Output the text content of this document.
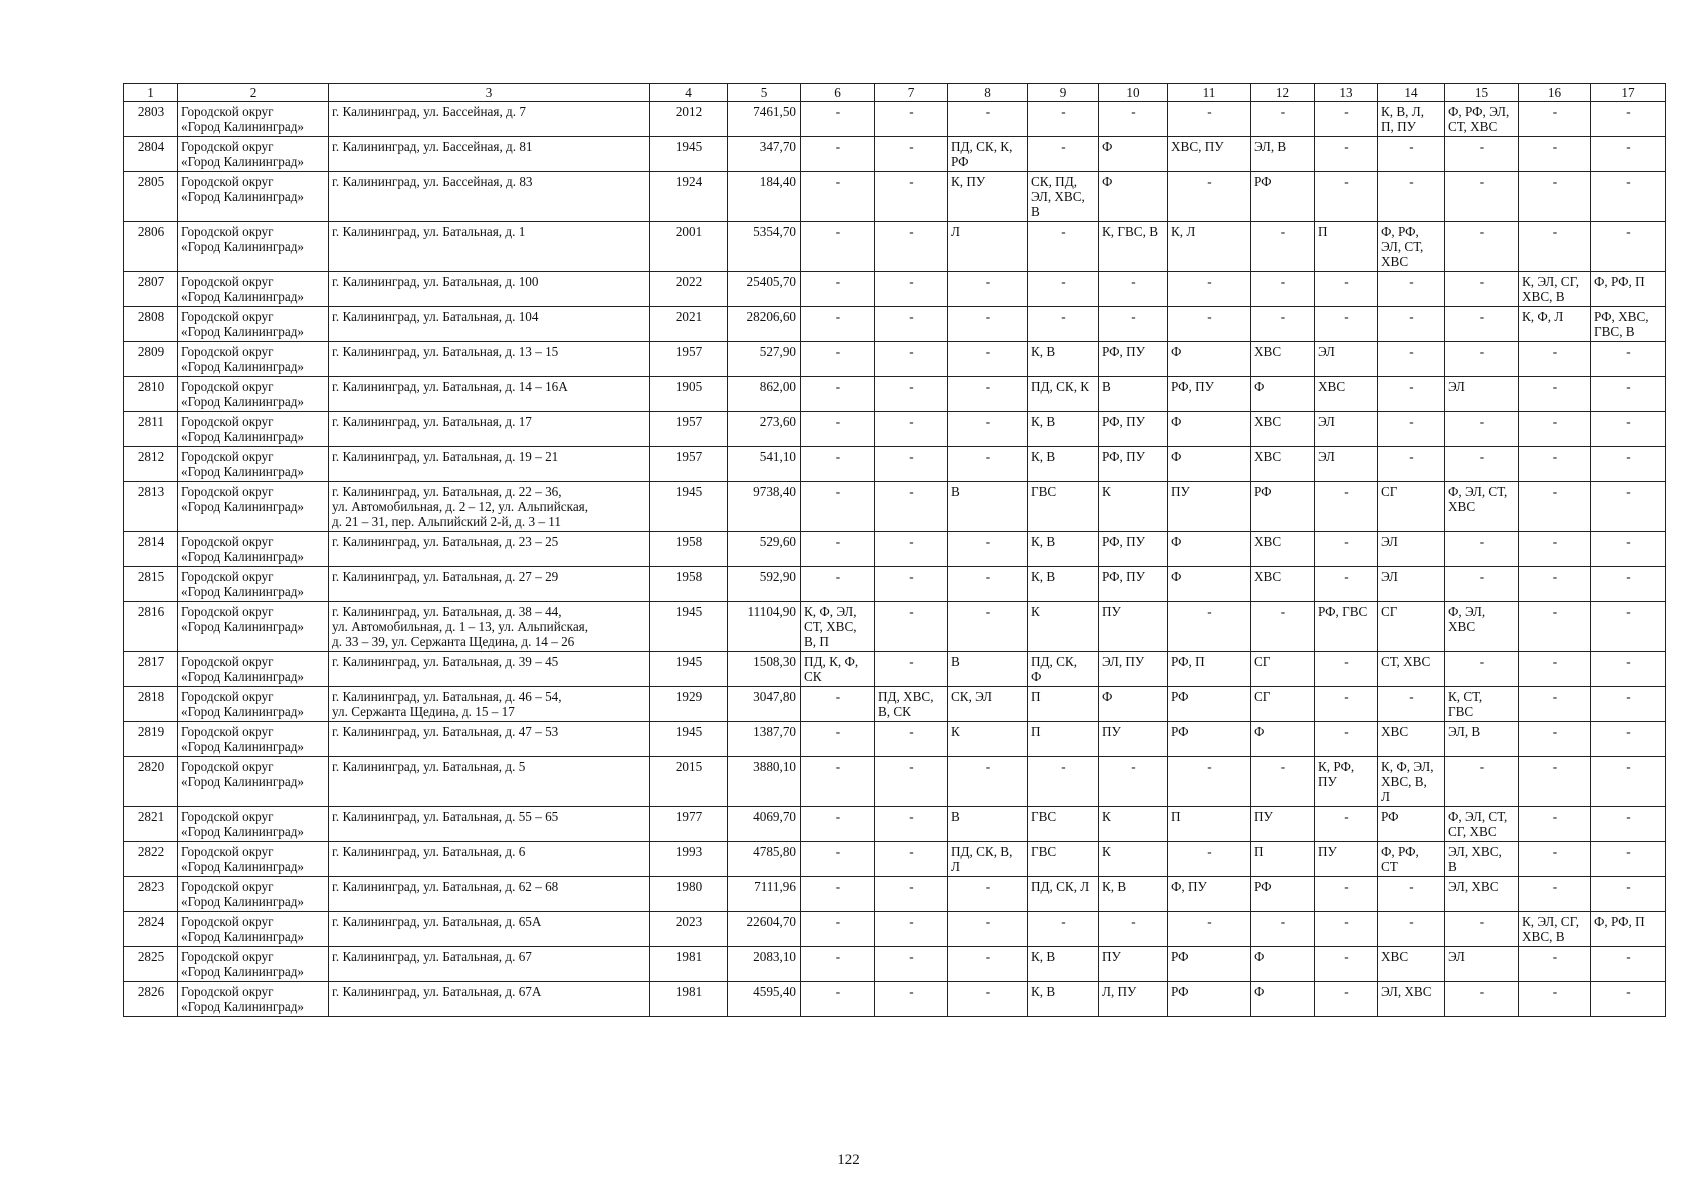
1	2	3	4	5	6	7	8	9	10	11	12	13	14	15	16	17
2803	Городской округ
«Город Калининград»	г. Калининград, ул. Бассейная, д. 7	2012	7461,50	-	-	-	-	-	-	-	-	К, В, Л,
П, ПУ	Ф, РФ, ЭЛ,
СТ, ХВС	-	-
2804	Городской округ
«Город Калининград»	г. Калининград, ул. Бассейная, д. 81	1945	347,70	-	-	ПД, СК, К,
РФ	-	Ф	ХВС, ПУ	ЭЛ, В	-	-	-	-	-
2805	Городской округ
«Город Калининград»	г. Калининград, ул. Бассейная, д. 83	1924	184,40	-	-	К, ПУ	СК, ПД,
ЭЛ, ХВС,
В	Ф	-	РФ	-	-	-	-	-
2806	Городской округ
«Город Калининград»	г. Калининград, ул. Батальная, д. 1	2001	5354,70	-	-	Л	-	К, ГВС, В	К, Л	-	П	Ф, РФ,
ЭЛ, СТ,
ХВС	-	-	-
2807	Городской округ
«Город Калининград»	г. Калининград, ул. Батальная, д. 100	2022	25405,70	-	-	-	-	-	-	-	-	-	-	К, ЭЛ, СГ,
ХВС, В	Ф, РФ, П
2808	Городской округ
«Город Калининград»	г. Калининград, ул. Батальная, д. 104	2021	28206,60	-	-	-	-	-	-	-	-	-	-	К, Ф, Л	РФ, ХВС,
ГВС, В
2809	Городской округ
«Город Калининград»	г. Калининград, ул. Батальная, д. 13 – 15	1957	527,90	-	-	-	К, В	РФ, ПУ	Ф	ХВС	ЭЛ	-	-	-	-
2810	Городской округ
«Город Калининград»	г. Калининград, ул. Батальная, д. 14 – 16А	1905	862,00	-	-	-	ПД, СК, К	В	РФ, ПУ	Ф	ХВС	-	ЭЛ	-	-
2811	Городской округ
«Город Калининград»	г. Калининград, ул. Батальная, д. 17	1957	273,60	-	-	-	К, В	РФ, ПУ	Ф	ХВС	ЭЛ	-	-	-	-
2812	Городской округ
«Город Калининград»	г. Калининград, ул. Батальная, д. 19 – 21	1957	541,10	-	-	-	К, В	РФ, ПУ	Ф	ХВС	ЭЛ	-	-	-	-
2813	Городской округ
«Город Калининград»	г. Калининград, ул. Батальная, д. 22 – 36,
ул. Автомобильная, д. 2 – 12, ул. Альпийская,
д. 21 – 31, пер. Альпийский 2-й, д. 3 – 11	1945	9738,40	-	-	В	ГВС	К	ПУ	РФ	-	СГ	Ф, ЭЛ, СТ,
ХВС	-	-
2814	Городской округ
«Город Калининград»	г. Калининград, ул. Батальная, д. 23 – 25	1958	529,60	-	-	-	К, В	РФ, ПУ	Ф	ХВС	-	ЭЛ	-	-	-
2815	Городской округ
«Город Калининград»	г. Калининград, ул. Батальная, д. 27 – 29	1958	592,90	-	-	-	К, В	РФ, ПУ	Ф	ХВС	-	ЭЛ	-	-	-
2816	Городской округ
«Город Калининград»	г. Калининград, ул. Батальная, д. 38 – 44,
ул. Автомобильная, д. 1 – 13, ул. Альпийская,
д. 33 – 39, ул. Сержанта Щедина, д. 14 – 26	1945	11104,90	К, Ф, ЭЛ,
СТ, ХВС,
В, П	-	-	К	ПУ	-	-	РФ, ГВС	СГ	Ф, ЭЛ,
ХВС	-	-
2817	Городской округ
«Город Калининград»	г. Калининград, ул. Батальная, д. 39 – 45	1945	1508,30	ПД, К, Ф,
СК	-	В	ПД, СК,
Ф	ЭЛ, ПУ	РФ, П	СГ	-	СТ, ХВС	-	-	-
2818	Городской округ
«Город Калининград»	г. Калининград, ул. Батальная, д. 46 – 54,
ул. Сержанта Щедина, д. 15 – 17	1929	3047,80	-	ПД, ХВС,
В, СК	СК, ЭЛ	П	Ф	РФ	СГ	-	-	К, СТ,
ГВС	-	-
2819	Городской округ
«Город Калининград»	г. Калининград, ул. Батальная, д. 47 – 53	1945	1387,70	-	-	К	П	ПУ	РФ	Ф	-	ХВС	ЭЛ, В	-	-
2820	Городской округ
«Город Калининград»	г. Калининград, ул. Батальная, д. 5	2015	3880,10	-	-	-	-	-	-	-	К, РФ,
ПУ	К, Ф, ЭЛ,
ХВС, В,
Л	-	-	-
2821	Городской округ
«Город Калининград»	г. Калининград, ул. Батальная, д. 55 – 65	1977	4069,70	-	-	В	ГВС	К	П	ПУ	-	РФ	Ф, ЭЛ, СТ,
СГ, ХВС	-	-
2822	Городской округ
«Город Калининград»	г. Калининград, ул. Батальная, д. 6	1993	4785,80	-	-	ПД, СК, В,
Л	ГВС	К	-	П	ПУ	Ф, РФ,
СТ	ЭЛ, ХВС,
В	-	-
2823	Городской округ
«Город Калининград»	г. Калининград, ул. Батальная, д. 62 – 68	1980	7111,96	-	-	-	ПД, СК, Л	К, В	Ф, ПУ	РФ	-	-	ЭЛ, ХВС	-	-
2824	Городской округ
«Город Калининград»	г. Калининград, ул. Батальная, д. 65А	2023	22604,70	-	-	-	-	-	-	-	-	-	-	К, ЭЛ, СГ,
ХВС, В	Ф, РФ, П
2825	Городской округ
«Город Калининград»	г. Калининград, ул. Батальная, д. 67	1981	2083,10	-	-	-	К, В	ПУ	РФ	Ф	-	ХВС	ЭЛ	-	-
2826	Городской округ
«Город Калининград»	г. Калининград, ул. Батальная, д. 67А	1981	4595,40	-	-	-	К, В	Л, ПУ	РФ	Ф	-	ЭЛ, ХВС	-	-	-
122
